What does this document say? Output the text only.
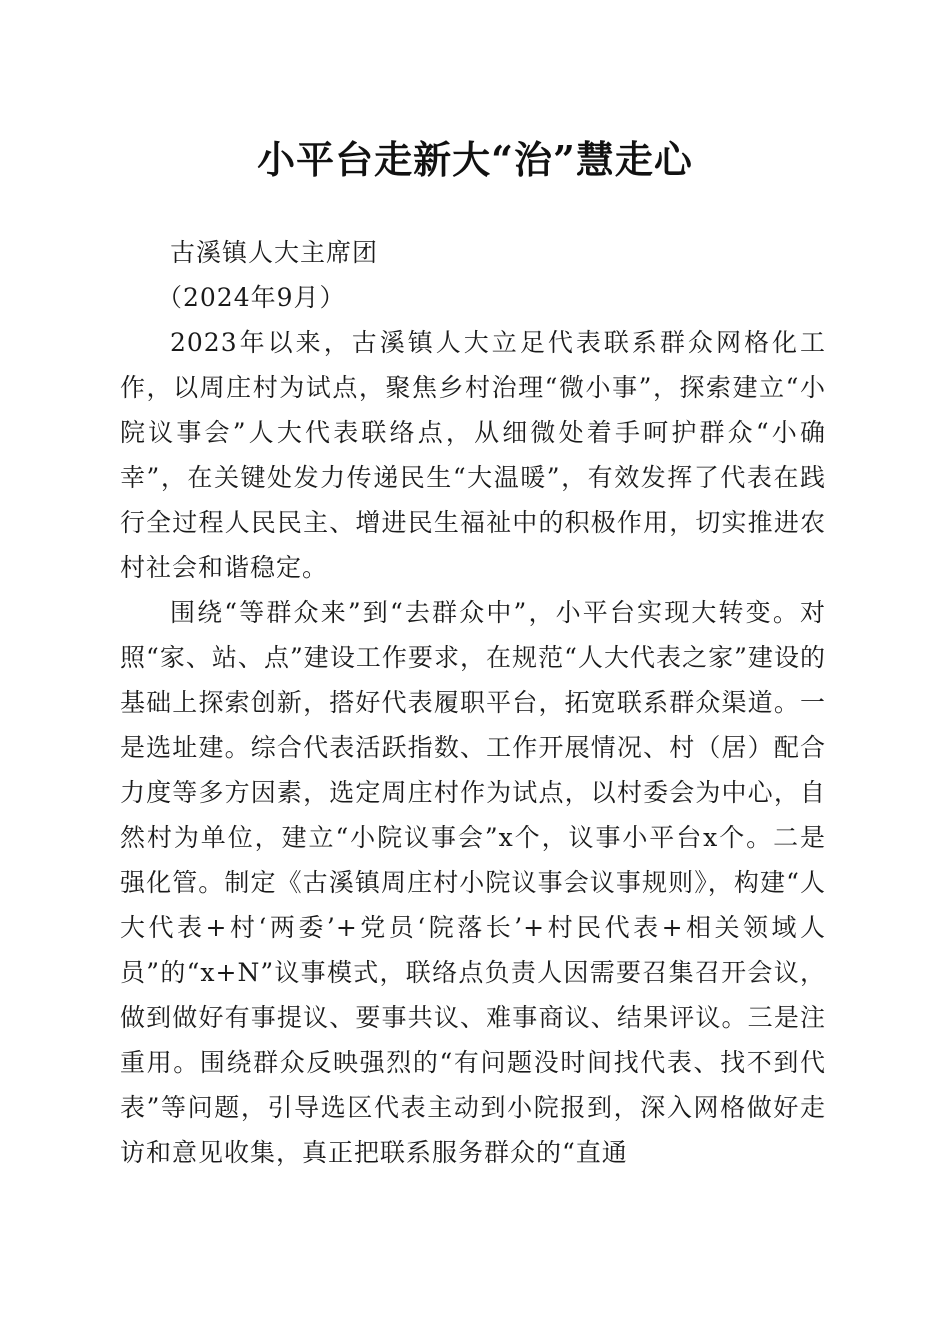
小平台走新大“治”慧走心

古溪镇人大主席团

（2024年9月）

2023年以来，古溪镇人大立足代表联系群众网格化工作，以周庄村为试点，聚焦乡村治理“微小事”，探索建立“小院议事会”人大代表联络点，从细微处着手呵护群众“小确幸”，在关键处发力传递民生“大温暖”，有效发挥了代表在践行全过程人民民主、增进民生福祉中的积极作用，切实推进农村社会和谐稳定。

围绕“等群众来”到“去群众中”，小平台实现大转变。对照“家、站、点”建设工作要求，在规范“人大代表之家”建设的基础上探索创新，搭好代表履职平台，拓宽联系群众渠道。一是选址建。综合代表活跃指数、工作开展情况、村（居）配合力度等多方因素，选定周庄村作为试点，以村委会为中心，自然村为单位，建立“小院议事会”x个，议事小平台x个。二是强化管。制定《古溪镇周庄村小院议事会议事规则》，构建“人大代表+村‘两委’+党员‘院落长’+村民代表+相关领域人员”的“x+N”议事模式，联络点负责人因需要召集召开会议，做到做好有事提议、要事共议、难事商议、结果评议。三是注重用。围绕群众反映强烈的“有问题没时间找代表、找不到代表”等问题，引导选区代表主动到小院报到，深入网格做好走访和意见收集，真正把联系服务群众的“直通
